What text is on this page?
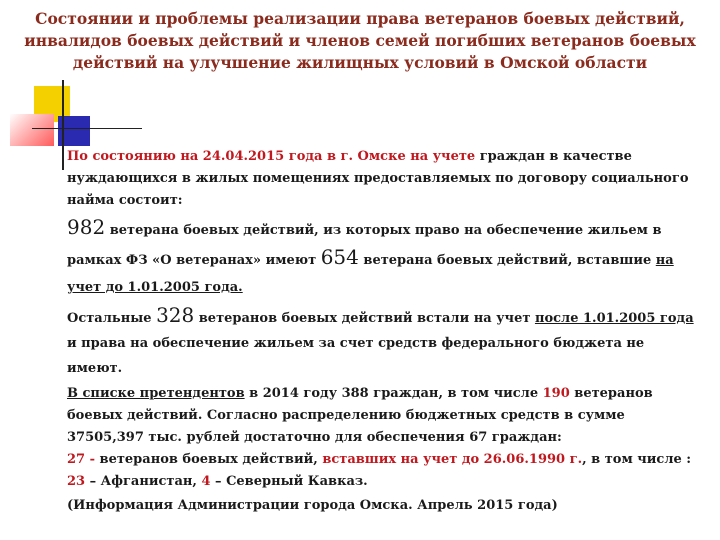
Состоянии и проблемы реализации права ветеранов боевых действий,
инвалидов боевых действий и членов семей погибших ветеранов боевых
действий на улучшение жилищных условий в Омской области

По состоянию на 24.04.2015 года в г. Омске на учете граждан в качестве нуждающихся в жилых помещениях предоставляемых по договору социального найма состоит:

982 ветерана боевых действий, из которых право на обеспечение жильем в рамках ФЗ «О ветеранах» имеют 654 ветерана боевых действий, вставшие на учет до 1.01.2005 года.

Остальные 328 ветеранов боевых действий встали на учет после 1.01.2005 года и права на обеспечение жильем за счет средств федерального бюджета не имеют.

В списке претендентов в 2014 году 388 граждан, в том числе 190 ветеранов боевых действий. Согласно распределению бюджетных средств в сумме 37505,397 тыс. рублей достаточно для обеспечения 67 граждан:

27 - ветеранов боевых действий, вставших на учет до 26.06.1990 г., в том числе : 23 – Афганистан, 4 – Северный Кавказ.

(Информация Администрации города Омска. Апрель 2015 года)
